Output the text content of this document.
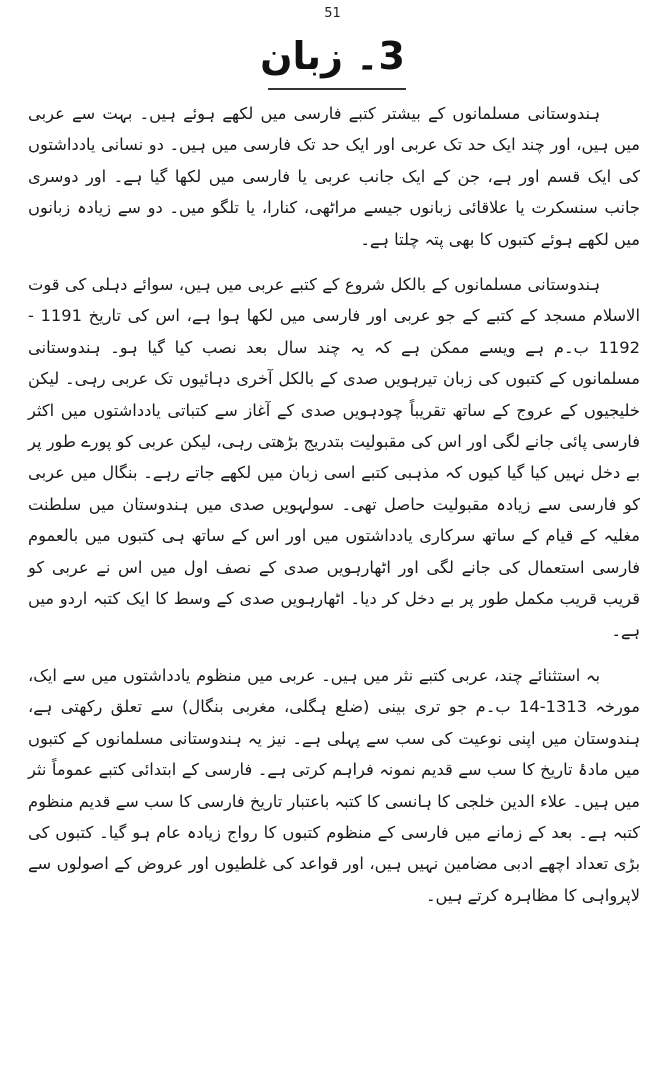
51
3۔ زبان

ہندوستانی مسلمانوں کے بیشتر کتبے فارسی میں لکھے ہوئے ہیں۔ بہت سے عربی میں ہیں، اور چند ایک حد تک عربی اور ایک حد تک فارسی میں ہیں۔ دو نسانی یادداشتوں کی ایک قسم اور ہے، جن کے ایک جانب عربی یا فارسی میں لکھا گیا ہے۔ اور دوسری جانب سنسکرت یا علاقائی زبانوں جیسے مراٹھی، کنارا، یا تلگو میں۔ دو سے زیادہ زبانوں میں لکھے ہوئے کتبوں کا بھی پتہ چلتا ہے۔

ہندوستانی مسلمانوں کے بالکل شروع کے کتبے عربی میں ہیں، سوائے دہلی کی قوت الاسلام مسجد کے کتبے کے جو عربی اور فارسی میں لکھا ہوا ہے، اس کی تاریخ 1191 - 1192 ب۔م ہے ویسے ممکن ہے کہ یہ چند سال بعد نصب کیا گیا ہو۔ ہندوستانی مسلمانوں کے کتبوں کی زبان تیرہویں صدی کے بالکل آخری دہائیوں تک عربی رہی۔ لیکن خلیجیوں کے عروج کے ساتھ تقریباً چودہویں صدی کے آغاز سے کتباتی یادداشتوں میں اکثر فارسی پائی جانے لگی اور اس کی مقبولیت بتدریج بڑھتی رہی، لیکن عربی کو پورے طور پر بے دخل نہیں کیا گیا کیوں کہ مذہبی کتبے اسی زبان میں لکھے جاتے رہے۔ بنگال میں عربی کو فارسی سے زیادہ مقبولیت حاصل تھی۔ سولہویں صدی میں ہندوستان میں سلطنت مغلیہ کے قیام کے ساتھ سرکاری یادداشتوں میں اور اس کے ساتھ ہی کتبوں میں بالعموم فارسی استعمال کی جانے لگی اور اٹھارہویں صدی کے نصف اول میں اس نے عربی کو قریب قریب مکمل طور پر بے دخل کر دیا۔ اٹھارہویں صدی کے وسط کا ایک کتبہ اردو میں ہے۔

بہ استثنائے چند، عربی کتبے نثر میں ہیں۔ عربی میں منظوم یادداشتوں میں سے ایک، مورخہ 1313-14 ب۔م جو تری بینی (ضلع ہگلی، مغربی بنگال) سے تعلق رکھتی ہے، ہندوستان میں اپنی نوعیت کی سب سے پہلی ہے۔ نیز یہ ہندوستانی مسلمانوں کے کتبوں میں مادۂ تاریخ کا سب سے قدیم نمونہ فراہم کرتی ہے۔ فارسی کے ابتدائی کتبے عموماً نثر میں ہیں۔ علاء الدین خلجی کا ہانسی کا کتبہ باعتبار تاریخ فارسی کا سب سے قدیم منظوم کتبہ ہے۔ بعد کے زمانے میں فارسی کے منظوم کتبوں کا رواج زیادہ عام ہو گیا۔ کتبوں کی بڑی تعداد اچھے ادبی مضامین نہیں ہیں، اور قواعد کی غلطیوں اور عروض کے اصولوں سے لاپرواہی کا مظاہرہ کرتے ہیں۔
